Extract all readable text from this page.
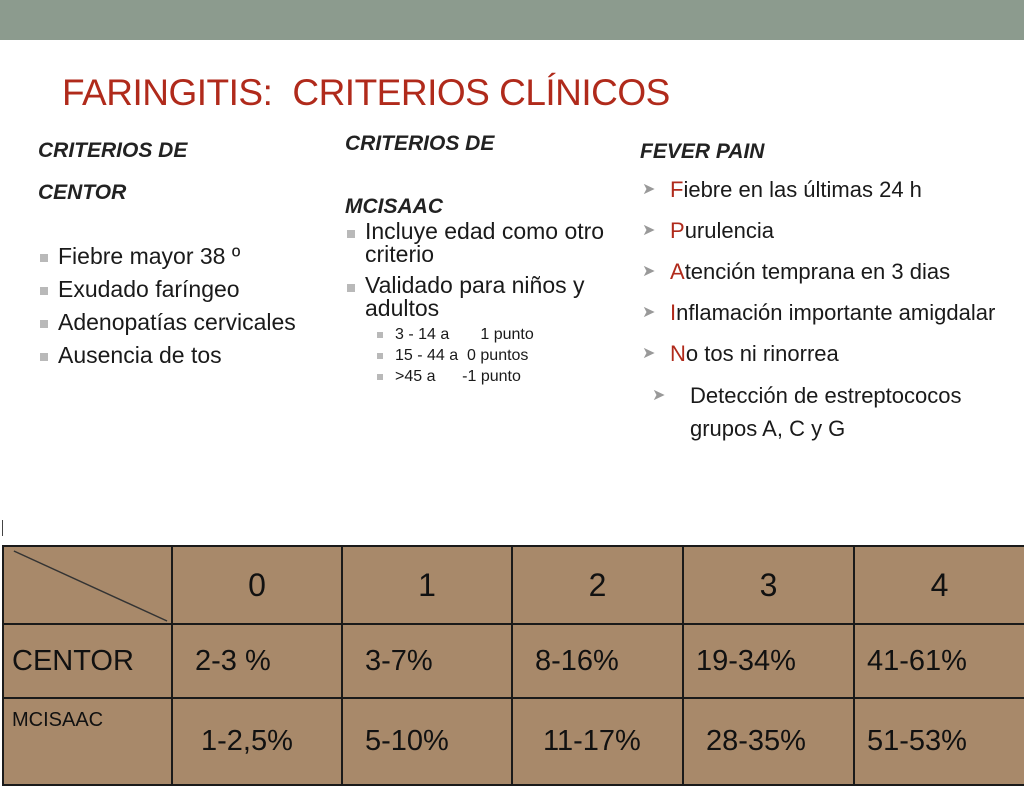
FARINGITIS: CRITERIOS CLÍNICOS
CRITERIOS DE
CENTOR
Fiebre mayor 38 º
Exudado faríngeo
Adenopatías cervicales
Ausencia de tos
CRITERIOS DE
MCISAAC
Incluye edad como otro criterio
Validado para niños y adultos
3 - 14 a       1 punto
15 - 44 a  0 puntos
>45 a      -1 punto
FEVER PAIN
➤ Fiebre en las últimas 24 h
➤ Purulencia
➤ Atención temprana en 3 dias
➤ Inflamación importante amigdalar
➤ No tos ni rinorrea
➤ Detección de estreptococos grupos A, C y G
	0	1	2	3	4
CENTOR	2-3 %	3-7%	8-16%	19-34%	41-61%
MCISAAC	1-2,5%	5-10%	11-17%	28-35%	51-53%
